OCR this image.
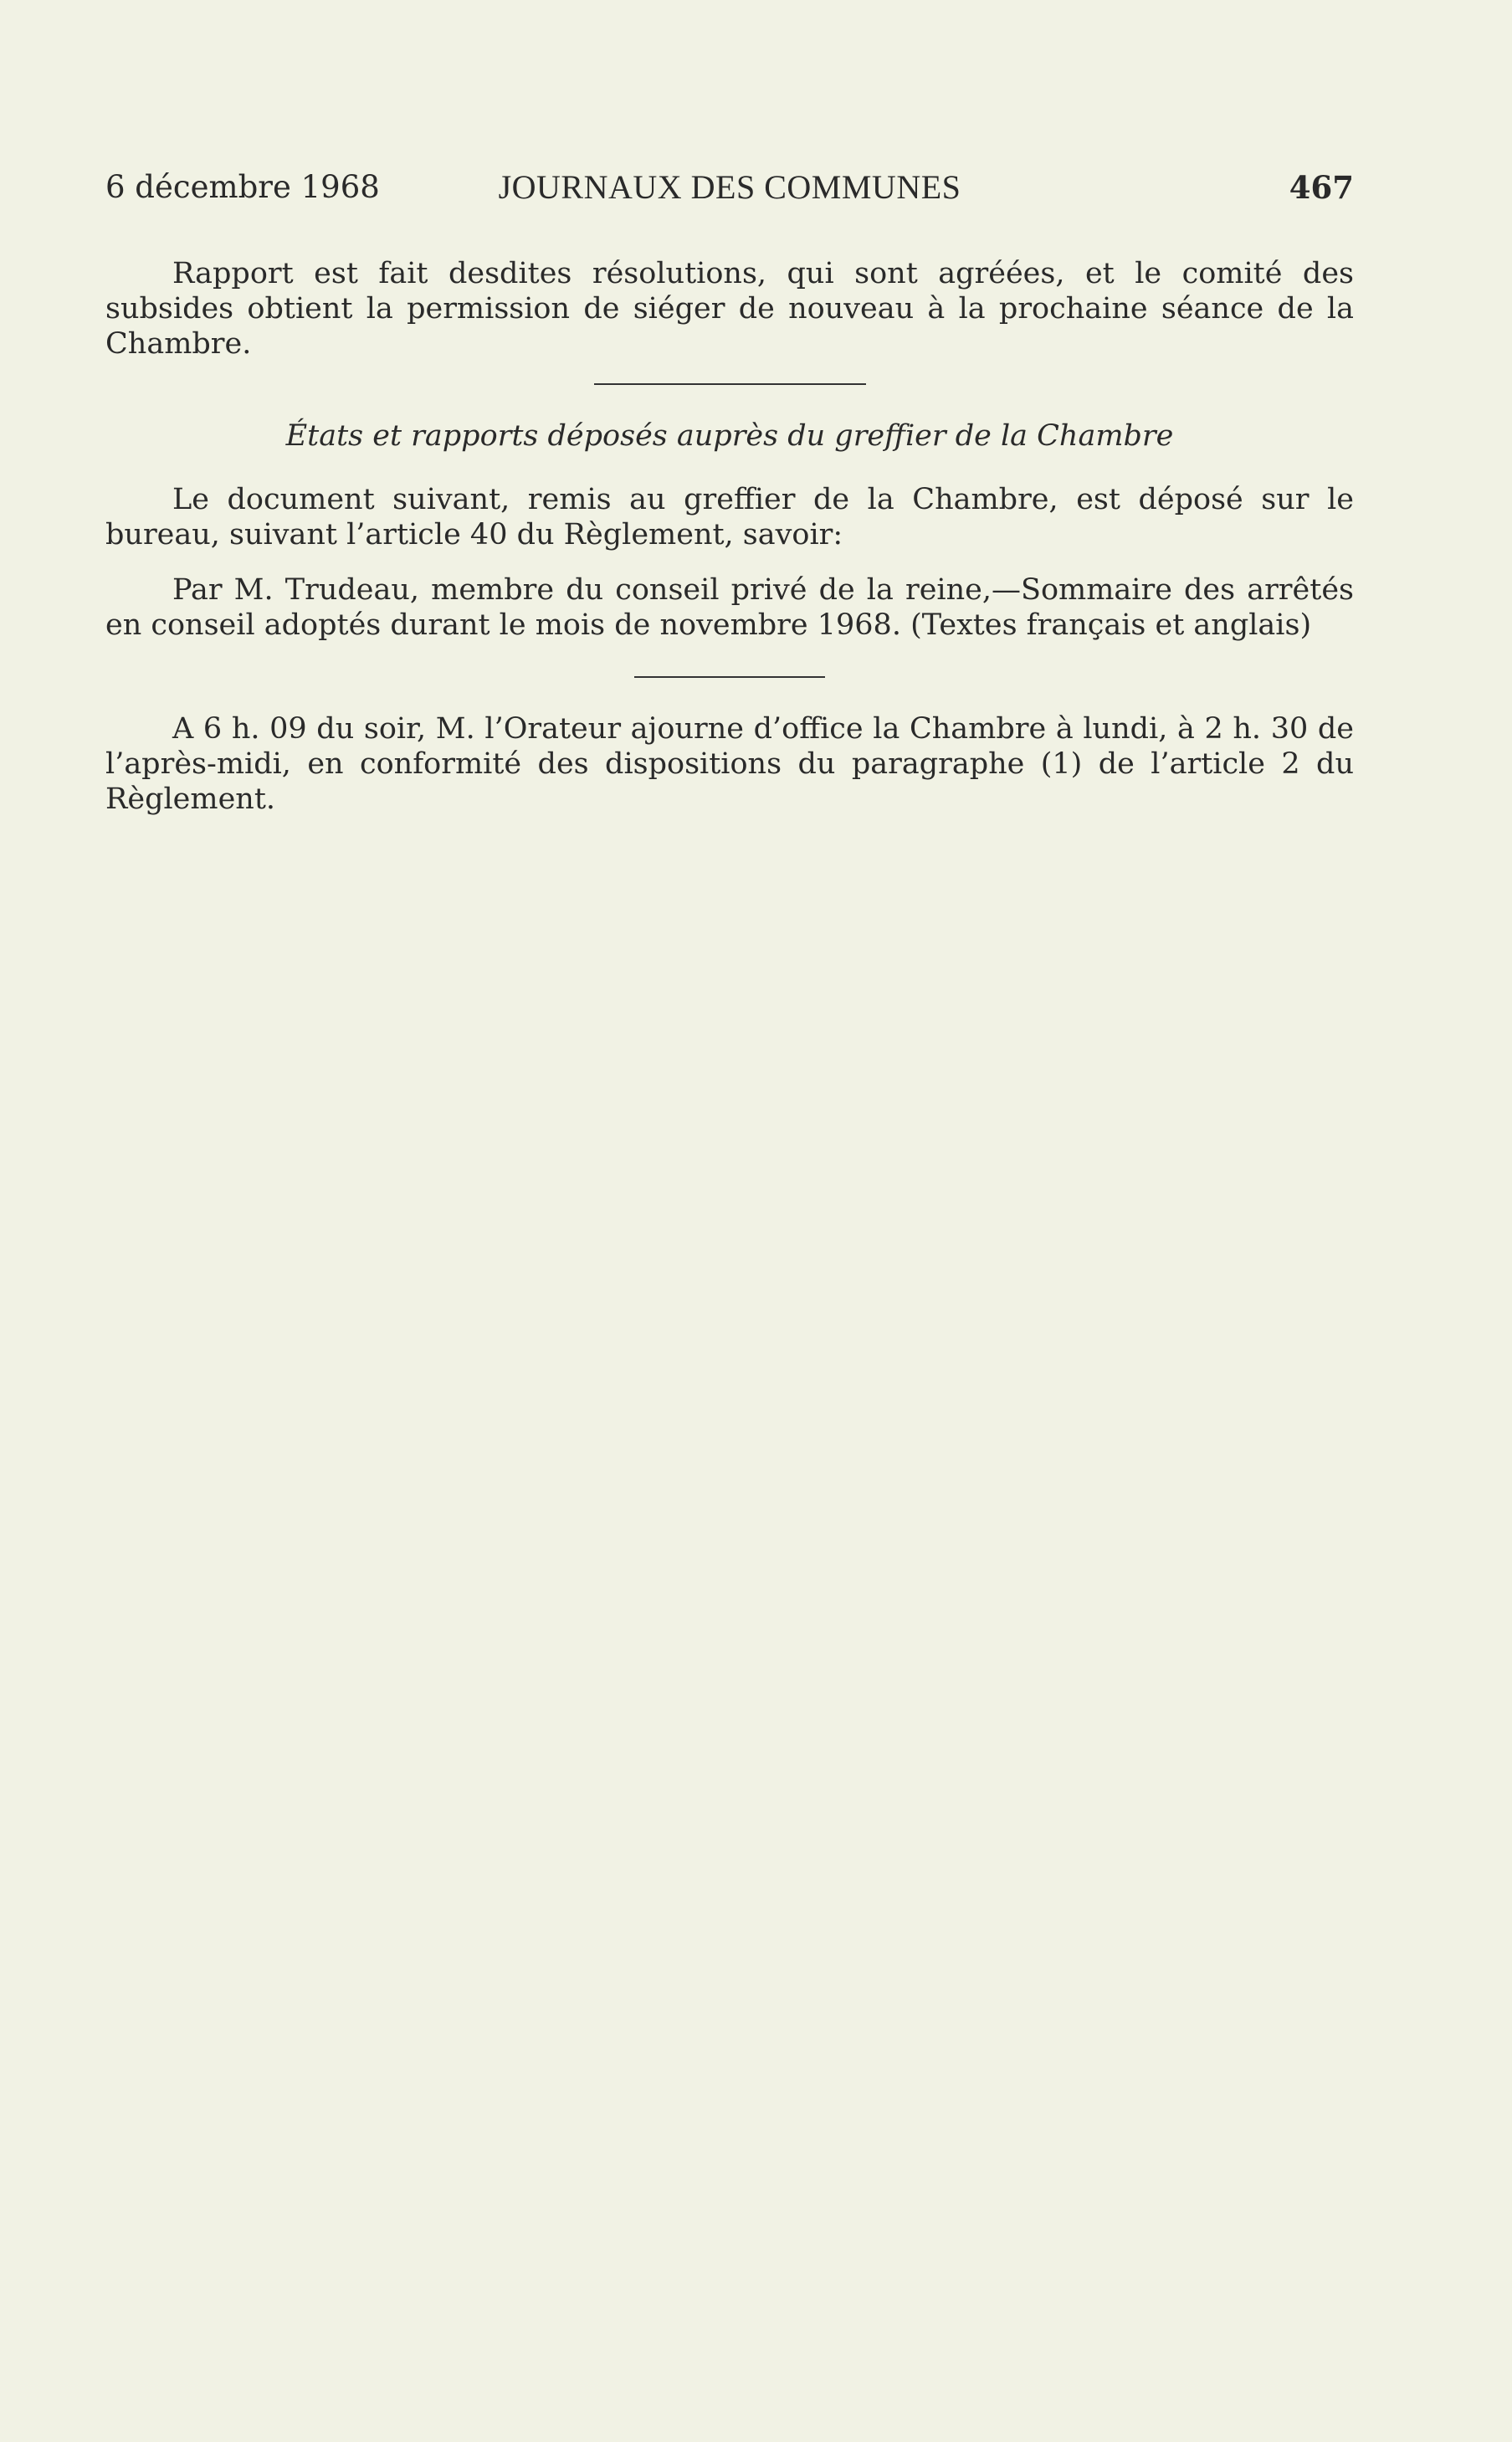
6 décembre 1968	JOURNAUX DES COMMUNES	467

Rapport est fait desdites résolutions, qui sont agréées, et le comité des subsides obtient la permission de siéger de nouveau à la prochaine séance de la Chambre.

États et rapports déposés auprès du greffier de la Chambre

Le document suivant, remis au greffier de la Chambre, est déposé sur le bureau, suivant l’article 40 du Règlement, savoir:

Par M. Trudeau, membre du conseil privé de la reine,—Sommaire des arrêtés en conseil adoptés durant le mois de novembre 1968. (Textes français et anglais)

A 6 h. 09 du soir, M. l’Orateur ajourne d’office la Chambre à lundi, à 2 h. 30 de l’après-midi, en conformité des dispositions du paragraphe (1) de l’article 2 du Règlement.
